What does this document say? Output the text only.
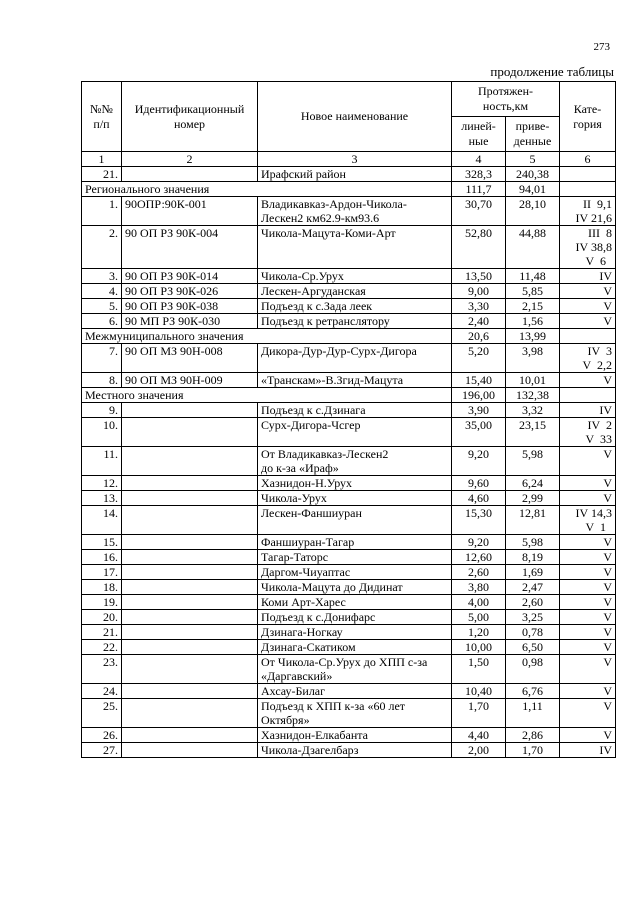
273
продолжение таблицы
№№
п/п	Идентификационный
номер	Новое наименование	Протяжен-
ность,км		Кате-
гория
			линей-
ные	приве-
денные	
1	2	3	4	5	6
21.		Ирафский район	328,3	240,38	
Регионального значения			111,7	94,01	
1.	90ОПР:90К-001	Владикавказ-Ардон-Чикола-Лескен2 км62.9-км93.6	30,70	28,10	II  9,1
IV 21,6
2.	90 ОП РЗ 90К-004	Чикола-Мацута-Коми-Арт	52,80	44,88	III  8
IV 38,8
V  6
3.	90 ОП РЗ 90К-014	Чикола-Ср.Урух	13,50	11,48	IV
4.	90 ОП РЗ 90К-026	Лескен-Аргуданская	9,00	5,85	V
5.	90 ОП РЗ 90К-038	Подъезд к с.Зада леек	3,30	2,15	V
6.	90 МП РЗ 90К-030	Подъезд к ретранслятору	2,40	1,56	V
Межмуниципального значения			20,6	13,99	
7.	90 ОП МЗ 90Н-008	Дикора-Дур-Дур-Сурх-Дигора	5,20	3,98	IV  3
V  2,2
8.	90 ОП МЗ 90Н-009	«Транскам»-В.Згид-Мацута	15,40	10,01	V
Местного значения			196,00	132,38	
9.		Подъезд к с.Дзинага	3,90	3,32	IV
10.		Сурх-Дигора-Чсгер	35,00	23,15	IV  2
V  33
11.		От Владикавказ-Лескен2
до к-за «Ираф»	9,20	5,98	V
12.		Хазнидон-Н.Урух	9,60	6,24	V
13.		Чикола-Урух	4,60	2,99	V
14.		Лескен-Фаншиуран	15,30	12,81	IV 14,3
V  1
15.		Фаншиуран-Тагар	9,20	5,98	V
16.		Тагар-Таторс	12,60	8,19	V
17.		Даргом-Чиуаптас	2,60	1,69	V
18.		Чикола-Мацута до Дидинат	3,80	2,47	V
19.		Коми Арт-Харес	4,00	2,60	V
20.		Подъезд к с.Донифарс	5,00	3,25	V
21.		Дзинага-Ногкау	1,20	0,78	V
22.		Дзинага-Скатиком	10,00	6,50	V
23.		От Чикола-Ср.Урух до ХПП с-за «Даргавский»	1,50	0,98	V
24.		Ахсау-Билаг	10,40	6,76	V
25.		Подъезд к ХПП к-за «60 лет
Октября»	1,70	1,11	V
26.		Хазнидон-Елкабанта	4,40	2,86	V
27.		Чикола-Дзагелбарз	2,00	1,70	IV
